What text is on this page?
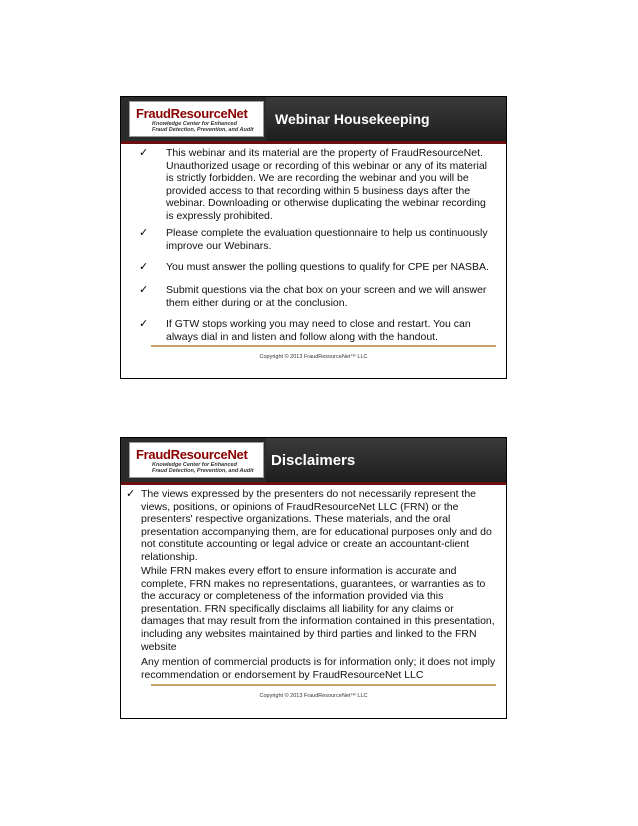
FraudResourceNet
Knowledge Center for Enhanced
Fraud Detection, Prevention, and Audit
Webinar Housekeeping
✓ This webinar and its material are the property of FraudResourceNet. Unauthorized usage or recording of this webinar or any of its material is strictly forbidden. We are recording the webinar and you will be provided access to that recording within 5 business days after the webinar. Downloading or otherwise duplicating the webinar recording is expressly prohibited.
✓ Please complete the evaluation questionnaire to help us continuously improve our Webinars.
✓ You must answer the polling questions to qualify for CPE per NASBA.
✓ Submit questions via the chat box on your screen and we will answer them either during or at the conclusion.
✓ If GTW stops working you may need to close and restart. You can always dial in and listen and follow along with the handout.
Copyright © 2013 FraudResourceNet™ LLC
FraudResourceNet
Knowledge Center for Enhanced
Fraud Detection, Prevention, and Audit
Disclaimers
✓ The views expressed by the presenters do not necessarily represent the views, positions, or opinions of FraudResourceNet LLC (FRN) or the presenters' respective organizations. These materials, and the oral presentation accompanying them, are for educational purposes only and do not constitute accounting or legal advice or create an accountant-client relationship.
While FRN makes every effort to ensure information is accurate and complete, FRN makes no representations, guarantees, or warranties as to the accuracy or completeness of the information provided via this presentation. FRN specifically disclaims all liability for any claims or damages that may result from the information contained in this presentation, including any websites maintained by third parties and linked to the FRN website
Any mention of commercial products is for information only; it does not imply recommendation or endorsement by FraudResourceNet LLC
Copyright © 2013 FraudResourceNet™ LLC
